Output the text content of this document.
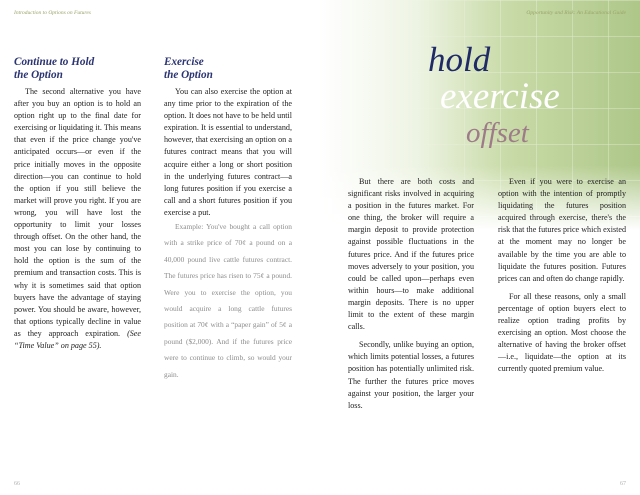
Introduction to Options on Futures
Continue to Hold
the Option

The second alternative you have after you buy an option is to hold an option right up to the final date for exercising or liquidating it. This means that even if the price change you've anticipated occurs—or even if the price initially moves in the opposite direction—you can continue to hold the option if you still believe the market will prove you right. If you are wrong, you will have lost the opportunity to limit your losses through offset. On the other hand, the most you can lose by continuing to hold the option is the sum of the premium and transaction costs. This is why it is sometimes said that option buyers have the advantage of staying power. You should be aware, however, that options typically decline in value as they approach expiration. (See “Time Value” on page 55).

Exercise
the Option

You can also exercise the option at any time prior to the expiration of the option. It does not have to be held until expiration. It is essential to understand, however, that exercising an option on a futures contract means that you will acquire either a long or short position in the underlying futures contract—a long futures position if you exercise a call and a short futures position if you exercise a put.

Example: You've bought a call option with a strike price of 70¢ a pound on a 40,000 pound live cattle futures contract. The futures price has risen to 75¢ a pound. Were you to exercise the option, you would acquire a long cattle futures position at 70¢ with a “paper gain” of 5¢ a pound ($2,000). And if the futures price were to continue to climb, so would your gain.

66
Opportunity and Risk: An Educational Guide
hold
exercise
offset

But there are both costs and significant risks involved in acquiring a position in the futures market. For one thing, the broker will require a margin deposit to provide protection against possible fluctuations in the futures price. And if the futures price moves adversely to your position, you could be called upon—perhaps even within hours—to make additional margin deposits. There is no upper limit to the extent of these margin calls.

Secondly, unlike buying an option, which limits potential losses, a futures position has potentially unlimited risk. The further the futures price moves against your position, the larger your loss.

Even if you were to exercise an option with the intention of promptly liquidating the futures position acquired through exercise, there's the risk that the futures price which existed at the moment may no longer be available by the time you are able to liquidate the futures position. Futures prices can and often do change rapidly.

For all these reasons, only a small percentage of option buyers elect to realize option trading profits by exercising an option. Most choose the alternative of having the broker offset—i.e., liquidate—the option at its currently quoted premium value.

67
